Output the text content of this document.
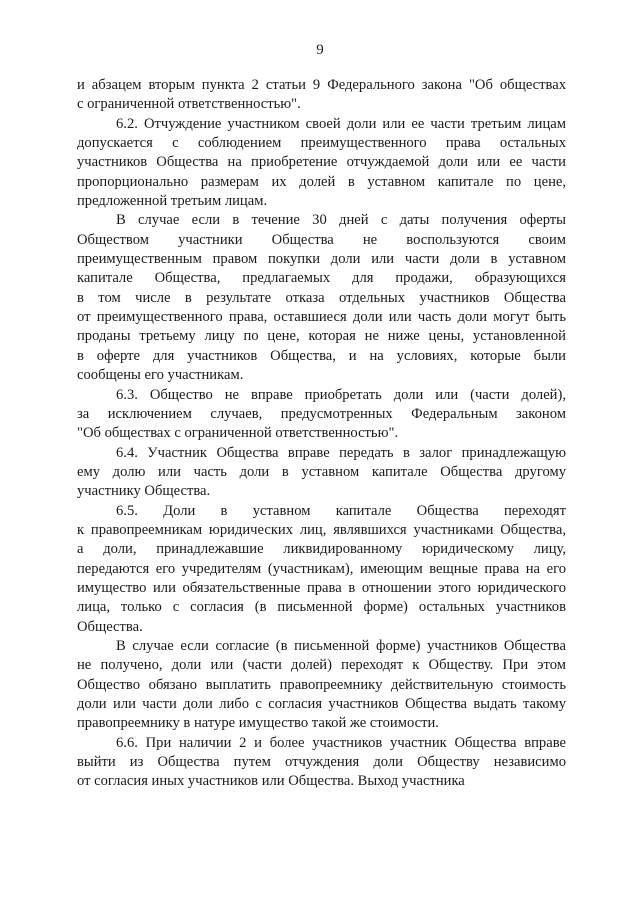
9
и абзацем вторым пункта 2 статьи 9 Федерального закона "Об обществах
с ограниченной ответственностью".
6.2. Отчуждение участником своей доли или ее части третьим лицам
допускается с соблюдением преимущественного права остальных
участников Общества на приобретение отчуждаемой доли или ее части
пропорционально размерам их долей в уставном капитале по цене,
предложенной третьим лицам.
В случае если в течение 30 дней с даты получения оферты
Обществом участники Общества не воспользуются своим
преимущественным правом покупки доли или части доли в уставном
капитале Общества, предлагаемых для продажи, образующихся
в том числе в результате отказа отдельных участников Общества
от преимущественного права, оставшиеся доли или часть доли могут быть
проданы третьему лицу по цене, которая не ниже цены, установленной
в оферте для участников Общества, и на условиях, которые были
сообщены его участникам.
6.3. Общество не вправе приобретать доли или (части долей),
за исключением случаев, предусмотренных Федеральным законом
"Об обществах с ограниченной ответственностью".
6.4. Участник Общества вправе передать в залог принадлежащую
ему долю или часть доли в уставном капитале Общества другому
участнику Общества.
6.5. Доли в уставном капитале Общества переходят
к правопреемникам юридических лиц, являвшихся участниками Общества,
а доли, принадлежавшие ликвидированному юридическому лицу,
передаются его учредителям (участникам), имеющим вещные права на его
имущество или обязательственные права в отношении этого юридического
лица, только с согласия (в письменной форме) остальных участников
Общества.
В случае если согласие (в письменной форме) участников Общества
не получено, доли или (части долей) переходят к Обществу. При этом
Общество обязано выплатить правопреемнику действительную стоимость
доли или части доли либо с согласия участников Общества выдать такому
правопреемнику в натуре имущество такой же стоимости.
6.6. При наличии 2 и более участников участник Общества вправе
выйти из Общества путем отчуждения доли Обществу независимо
от согласия иных участников или Общества. Выход участника
